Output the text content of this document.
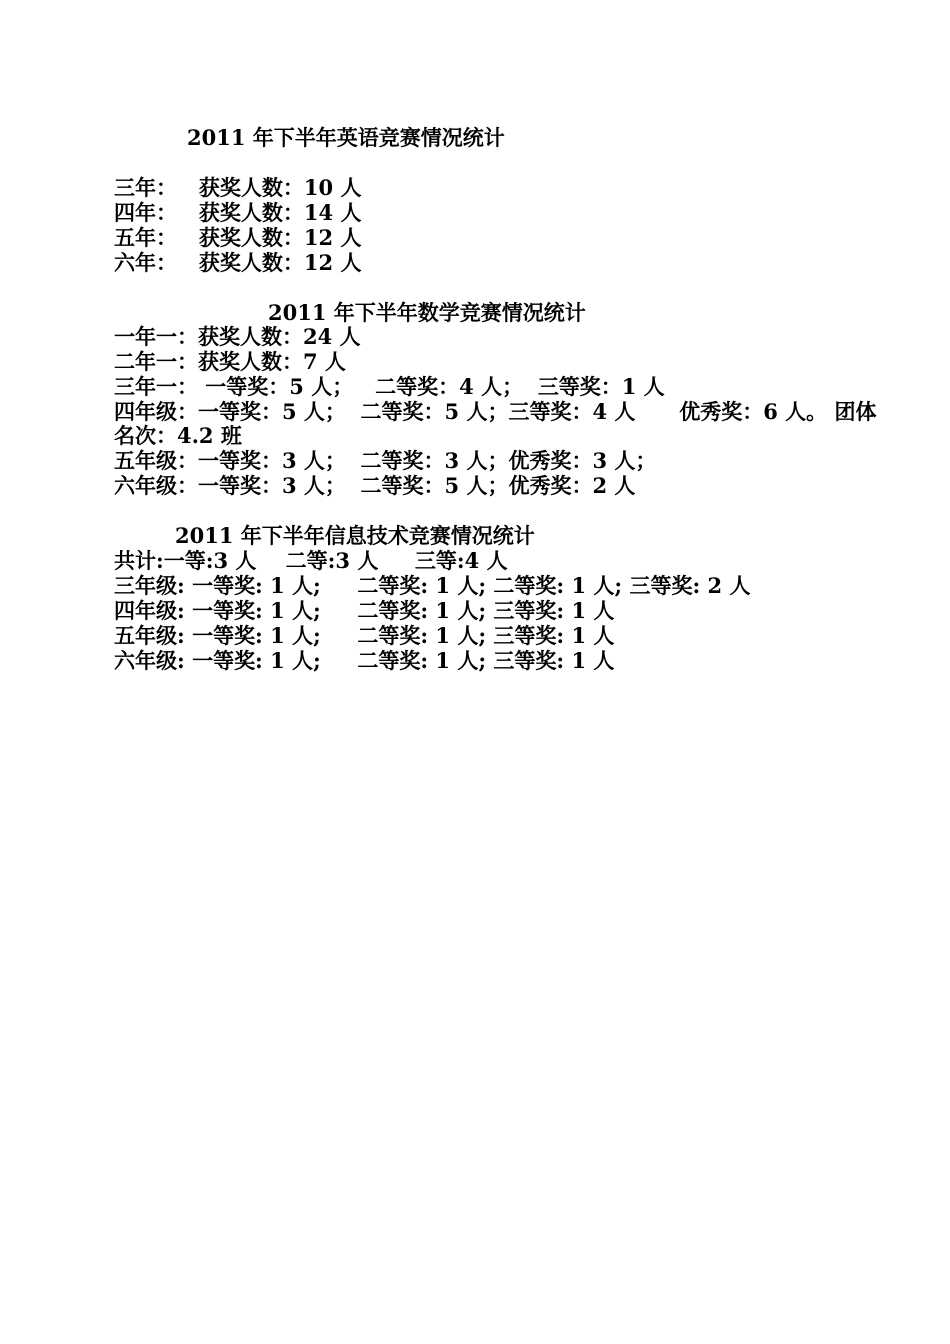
2011 年下半年英语竞赛情况统计
三年：   获奖人数：10 人
四年：   获奖人数：14 人
五年：   获奖人数：12 人
六年：   获奖人数：12 人
2011 年下半年数学竞赛情况统计
一年一：获奖人数：24 人
二年一：获奖人数：7 人
三年一： 一等奖：5 人；   二等奖：4 人；  三等奖：1 人
四年级：一等奖：5 人；  二等奖：5 人；三等奖：4 人      优秀奖：6 人。 团体
名次：4.2 班
五年级：一等奖：3 人；  二等奖：3 人；优秀奖：3 人；
六年级：一等奖：3 人；  二等奖：5 人；优秀奖：2 人
2011 年下半年信息技术竞赛情况统计
共计:一等:3 人    二等:3 人     三等:4 人
三年级: 一等奖: 1 人;     二等奖: 1 人; 二等奖: 1 人; 三等奖: 2 人
四年级: 一等奖: 1 人;     二等奖: 1 人; 三等奖: 1 人
五年级: 一等奖: 1 人;     二等奖: 1 人; 三等奖: 1 人
六年级: 一等奖: 1 人;     二等奖: 1 人; 三等奖: 1 人
